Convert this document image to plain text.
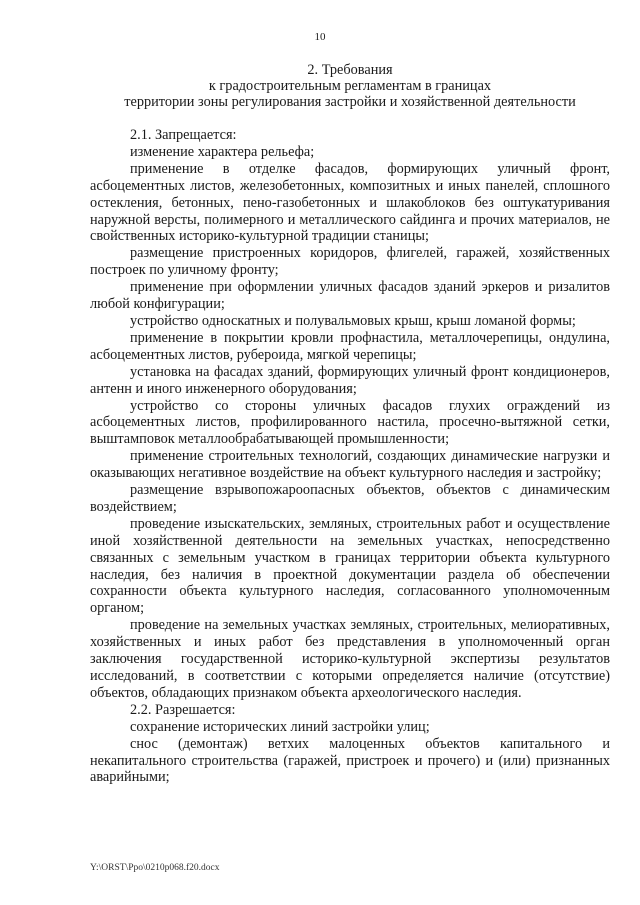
10
2. Требования
к градостроительным регламентам в границах
территории зоны регулирования застройки и хозяйственной деятельности

2.1. Запрещается:

изменение характера рельефа;

применение в отделке фасадов, формирующих уличный фронт, асбоцементных листов, железобетонных, композитных и иных панелей, сплошного остекления, бетонных, пено-газобетонных и шлакоблоков без оштукатуривания наружной версты, полимерного и металлического сайдинга и прочих материалов, не свойственных историко-культурной традиции станицы;

размещение пристроенных коридоров, флигелей, гаражей, хозяйственных построек по уличному фронту;

применение при оформлении уличных фасадов зданий эркеров и ризалитов любой конфигурации;

устройство односкатных и полувальмовых крыш, крыш ломаной формы;

применение в покрытии кровли профнастила, металлочерепицы, ондулина, асбоцементных листов, рубероида, мягкой черепицы;

установка на фасадах зданий, формирующих уличный фронт кондиционеров, антенн и иного инженерного оборудования;

устройство со стороны уличных фасадов глухих ограждений из асбоцементных листов, профилированного настила, просечно-вытяжной сетки, выштамповок металлообрабатывающей промышленности;

применение строительных технологий, создающих динамические нагрузки и оказывающих негативное воздействие на объект культурного наследия и застройку;

размещение взрывопожароопасных объектов, объектов с динамическим воздействием;

проведение изыскательских, земляных, строительных работ и осуществление иной хозяйственной деятельности на земельных участках, непосредственно связанных с земельным участком в границах территории объекта культурного наследия, без наличия в проектной документации раздела об обеспечении сохранности объекта культурного наследия, согласованного уполномоченным органом;

проведение на земельных участках земляных, строительных, мелиоративных, хозяйственных и иных работ без представления в уполномоченный орган заключения государственной историко-культурной экспертизы результатов исследований, в соответствии с которыми определяется наличие (отсутствие) объектов, обладающих признаком объекта археологического наследия.

2.2. Разрешается:

сохранение исторических линий застройки улиц;

снос (демонтаж) ветхих малоценных объектов капитального и некапитального строительства (гаражей, пристроек и прочего) и (или) признанных аварийными;

Y:\ORST\Ppo\0210p068.f20.docx
